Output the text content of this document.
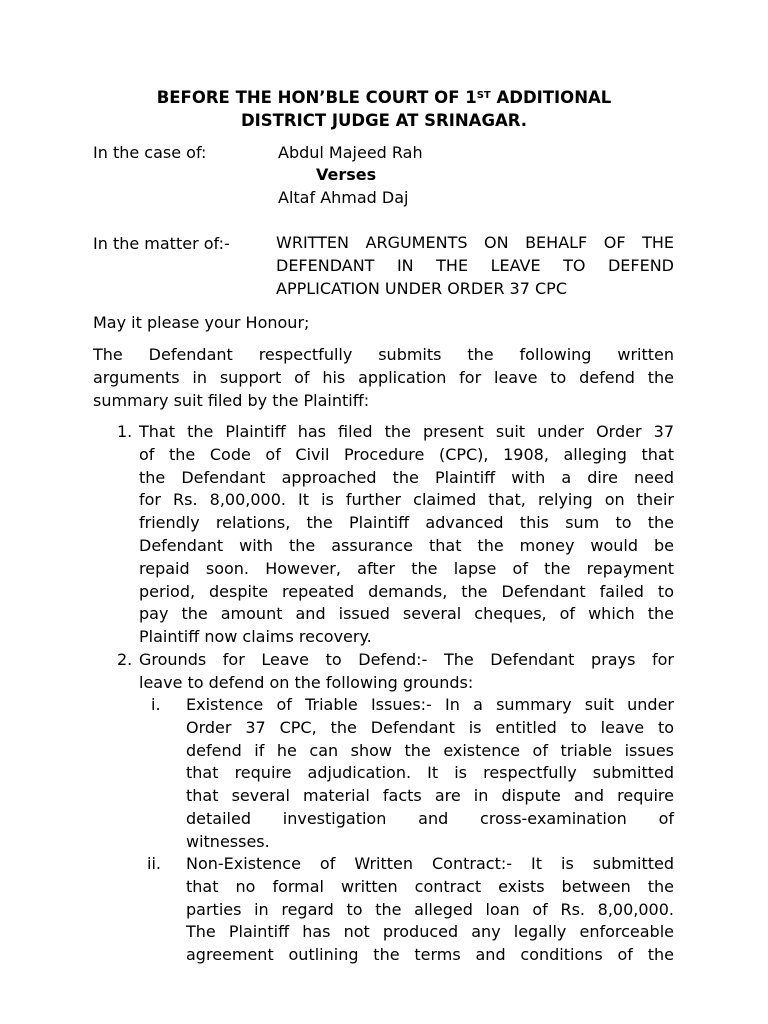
BEFORE THE HON’BLE COURT OF 1ST ADDITIONAL
DISTRICT JUDGE AT SRINAGAR.
In the case of:	Abdul Majeed Rah
Verses
Altaf Ahmad Daj
In the matter of:-	WRITTEN ARGUMENTS ON BEHALF OF THE
DEFENDANT IN THE LEAVE TO DEFEND
APPLICATION UNDER ORDER 37 CPC
May it please your Honour;
The Defendant respectfully submits the following written
arguments in support of his application for leave to defend the
summary suit filed by the Plaintiff:
1. That the Plaintiff has filed the present suit under Order 37
of the Code of Civil Procedure (CPC), 1908, alleging that
the Defendant approached the Plaintiff with a dire need
for Rs. 8,00,000. It is further claimed that, relying on their
friendly relations, the Plaintiff advanced this sum to the
Defendant with the assurance that the money would be
repaid soon. However, after the lapse of the repayment
period, despite repeated demands, the Defendant failed to
pay the amount and issued several cheques, of which the
Plaintiff now claims recovery.
2. Grounds for Leave to Defend:- The Defendant prays for
leave to defend on the following grounds:
i. Existence of Triable Issues:- In a summary suit under
Order 37 CPC, the Defendant is entitled to leave to
defend if he can show the existence of triable issues
that require adjudication. It is respectfully submitted
that several material facts are in dispute and require
detailed investigation and cross-examination of
witnesses.
ii. Non-Existence of Written Contract:- It is submitted
that no formal written contract exists between the
parties in regard to the alleged loan of Rs. 8,00,000.
The Plaintiff has not produced any legally enforceable
agreement outlining the terms and conditions of the
